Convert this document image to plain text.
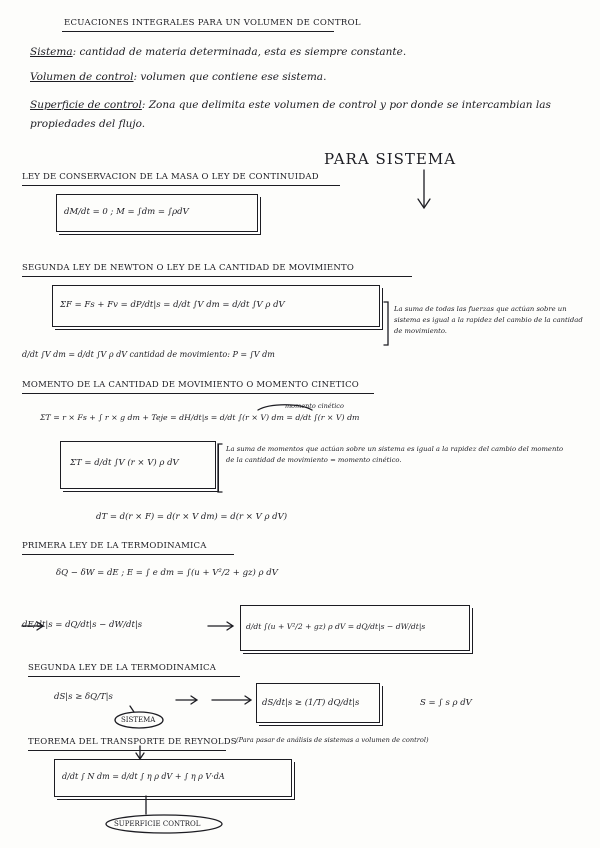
ECUACIONES INTEGRALES PARA UN VOLUMEN DE CONTROL
Sistema: cantidad de materia determinada, esta es siempre constante.
Volumen de control: volumen que contiene ese sistema.
Superficie de control: Zona que delimita este volumen de control y por donde se intercambian las propiedades del flujo.
PARA SISTEMA
LEY DE CONSERVACION DE LA MASA O LEY DE CONTINUIDAD
dM/dt = 0 ; M = ∫dm = ∫ρdV
SEGUNDA LEY DE NEWTON O LEY DE LA CANTIDAD DE MOVIMIENTO
ΣF = Fs + Fv = dP/dt|s = d/dt ∫V dm = d/dt ∫V ρ dV	La suma de todas las fuerzas que actúan sobre un sistema es igual a la rapidez del cambio de la cantidad de movimiento.
d/dt ∫V dm = d/dt ∫V ρ dV cantidad de movimiento: P = ∫V dm
MOMENTO DE LA CANTIDAD DE MOVIMIENTO O MOMENTO CINETICO
momento cinético
ΣT = r × Fs + ∫ r × g dm + Teje = dH/dt|s = d/dt ∫(r × V) dm = d/dt ∫(r × V) dm
ΣT = d/dt ∫V (r × V) ρ dV
La suma de momentos que actúan sobre un sistema es igual a la rapidez del cambio del momento de la cantidad de movimiento = momento cinético.
dT = d(r × F) = d(r × V dm) = d(r × V ρ dV)
PRIMERA LEY DE LA TERMODINAMICA
δQ − δW = dE ; E = ∫ e dm = ∫(u + V²/2 + gz) ρ dV
dE/dt|s = dQ/dt|s − dW/dt|s	d/dt ∫(u + V²/2 + gz) ρ dV = dQ/dt|s − dW/dt|s
SEGUNDA LEY DE LA TERMODINAMICA
dS|s ≥ δQ/T|s
SISTEMA
dS/dt|s ≥ (1/T) dQ/dt|s	S = ∫ s ρ dV
TEOREMA DEL TRANSPORTE DE REYNOLDS (Para pasar de análisis de sistemas a volumen de control)
d/dt ∫ N dm = d/dt ∫ η ρ dV + ∫ η ρ V·dA
SUPERFICIE CONTROL
